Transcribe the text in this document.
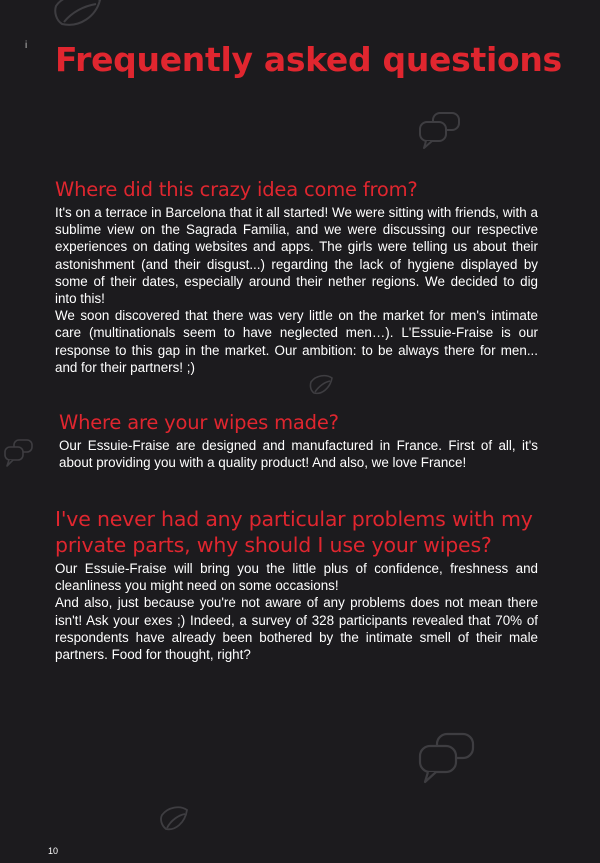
i Frequently asked questions
Where did this crazy idea come from?

It's on a terrace in Barcelona that it all started! We were sitting with friends, with a sublime view on the Sagrada Familia, and we were discussing our respective experiences on dating websites and apps. The girls were telling us about their astonishment (and their disgust...) regarding the lack of hygiene displayed by some of their dates, especially around their nether regions. We decided to dig into this!

We soon discovered that there was very little on the market for men's intimate care (multinationals seem to have neglected men…). L'Essuie-Fraise is our response to this gap in the market. Our ambition: to be always there for men... and for their partners! ;)

Where are your wipes made?

Our Essuie-Fraise are designed and manufactured in France. First of all, it's about providing you with a quality product! And also, we love France!

I've never had any particular problems with my private parts, why should I use your wipes?

Our Essuie-Fraise will bring you the little plus of confidence, freshness and cleanliness you might need on some occasions!

And also, just because you're not aware of any problems does not mean there isn't! Ask your exes ;) Indeed, a survey of 328 participants revealed that 70% of respondents have already been bothered by the intimate smell of their male partners. Food for thought, right?

10
